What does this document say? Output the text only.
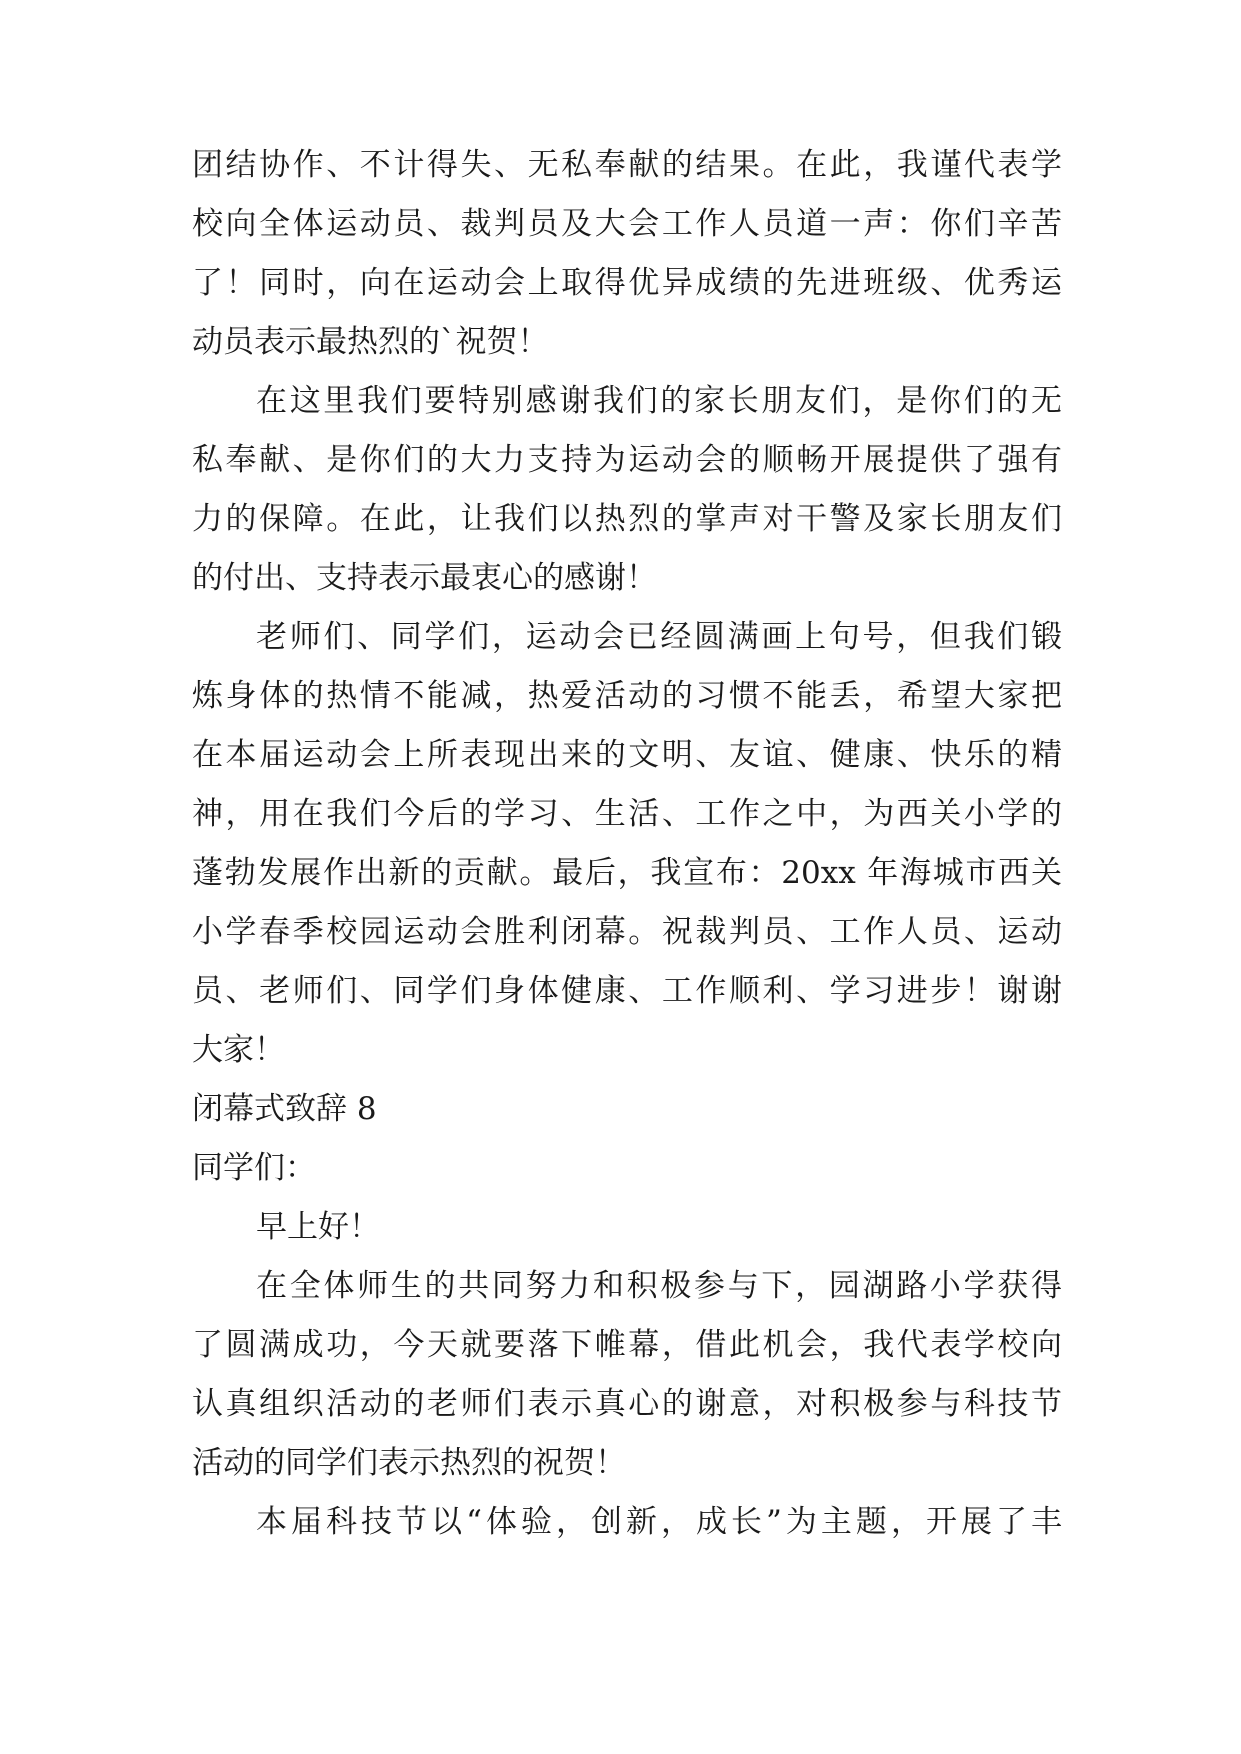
团结协作、不计得失、无私奉献的结果。在此，我谨代表学
校向全体运动员、裁判员及大会工作人员道一声：你们辛苦
了！同时，向在运动会上取得优异成绩的先进班级、优秀运
动员表示最热烈的`祝贺！
在这里我们要特别感谢我们的家长朋友们，是你们的无
私奉献、是你们的大力支持为运动会的顺畅开展提供了强有
力的保障。在此，让我们以热烈的掌声对干警及家长朋友们
的付出、支持表示最衷心的感谢！
老师们、同学们，运动会已经圆满画上句号，但我们锻
炼身体的热情不能减，热爱活动的习惯不能丢，希望大家把
在本届运动会上所表现出来的文明、友谊、健康、快乐的精
神，用在我们今后的学习、生活、工作之中，为西关小学的
蓬勃发展作出新的贡献。最后，我宣布：20xx 年海城市西关
小学春季校园运动会胜利闭幕。祝裁判员、工作人员、运动
员、老师们、同学们身体健康、工作顺利、学习进步！谢谢
大家！
闭幕式致辞 8
同学们：
早上好！
在全体师生的共同努力和积极参与下，园湖路小学获得
了圆满成功，今天就要落下帷幕，借此机会，我代表学校向
认真组织活动的老师们表示真心的谢意，对积极参与科技节
活动的同学们表示热烈的祝贺！
本届科技节以“体验，创新，成长”为主题，开展了丰
